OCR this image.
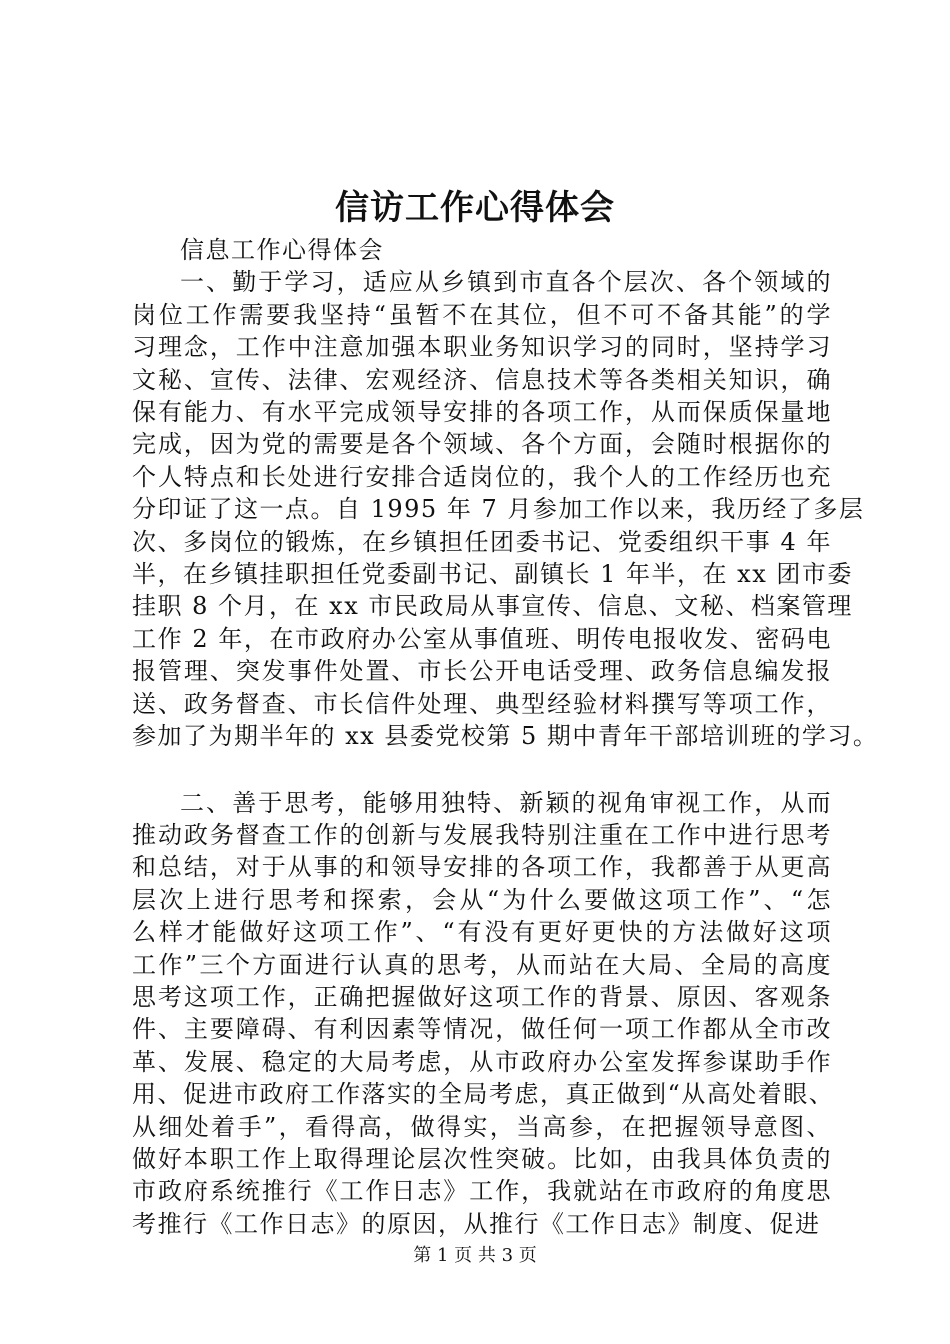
信访工作心得体会

信息工作心得体会

一、勤于学习，适应从乡镇到市直各个层次、各个领域的
岗位工作需要我坚持“虽暂不在其位，但不可不备其能”的学
习理念，工作中注意加强本职业务知识学习的同时，坚持学习
文秘、宣传、法律、宏观经济、信息技术等各类相关知识，确
保有能力、有水平完成领导安排的各项工作，从而保质保量地
完成，因为党的需要是各个领域、各个方面，会随时根据你的
个人特点和长处进行安排合适岗位的，我个人的工作经历也充
分印证了这一点。自 1995 年 7 月参加工作以来，我历经了多层
次、多岗位的锻炼，在乡镇担任团委书记、党委组织干事 4 年
半，在乡镇挂职担任党委副书记、副镇长 1 年半，在 xx 团市委
挂职 8 个月，在 xx 市民政局从事宣传、信息、文秘、档案管理
工作 2 年，在市政府办公室从事值班、明传电报收发、密码电
报管理、突发事件处置、市长公开电话受理、政务信息编发报
送、政务督查、市长信件处理、典型经验材料撰写等项工作，
参加了为期半年的 xx 县委党校第 5 期中青年干部培训班的学习。
二、善于思考，能够用独特、新颖的视角审视工作，从而
推动政务督查工作的创新与发展我特别注重在工作中进行思考
和总结，对于从事的和领导安排的各项工作，我都善于从更高
层次上进行思考和探索，会从“为什么要做这项工作”、“怎
么样才能做好这项工作”、“有没有更好更快的方法做好这项
工作”三个方面进行认真的思考，从而站在大局、全局的高度
思考这项工作，正确把握做好这项工作的背景、原因、客观条
件、主要障碍、有利因素等情况，做任何一项工作都从全市改
革、发展、稳定的大局考虑，从市政府办公室发挥参谋助手作
用、促进市政府工作落实的全局考虑，真正做到“从高处着眼、
从细处着手”，看得高，做得实，当高参，在把握领导意图、
做好本职工作上取得理论层次性突破。比如，由我具体负责的
市政府系统推行《工作日志》工作，我就站在市政府的角度思
考推行《工作日志》的原因，从推行《工作日志》制度、促进

第 1 页 共 3 页
